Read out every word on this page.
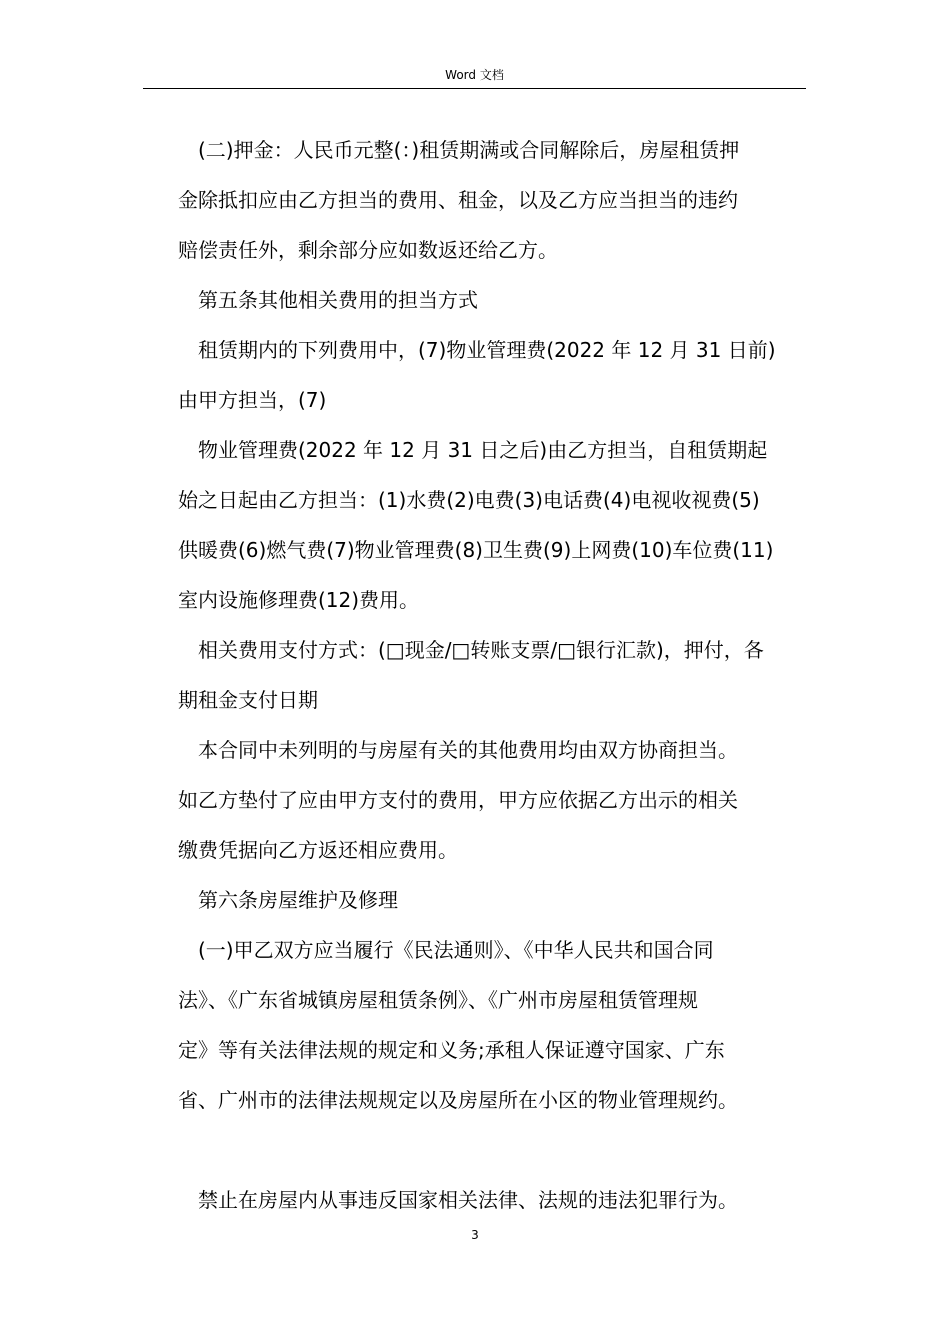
Word 文档
(二)押金：人民币元整(：)租赁期满或合同解除后，房屋租赁押
金除抵扣应由乙方担当的费用、租金，以及乙方应当担当的违约
赔偿责任外，剩余部分应如数返还给乙方。
第五条其他相关费用的担当方式
租赁期内的下列费用中，(7)物业管理费(2022 年 12 月 31 日前)
由甲方担当，(7)
物业管理费(2022 年 12 月 31 日之后)由乙方担当，自租赁期起
始之日起由乙方担当：(1)水费(2)电费(3)电话费(4)电视收视费(5)
供暖费(6)燃气费(7)物业管理费(8)卫生费(9)上网费(10)车位费(11)
室内设施修理费(12)费用。
相关费用支付方式：(□现金/□转账支票/□银行汇款)，押付，各
期租金支付日期
本合同中未列明的与房屋有关的其他费用均由双方协商担当。
如乙方垫付了应由甲方支付的费用，甲方应依据乙方出示的相关
缴费凭据向乙方返还相应费用。
第六条房屋维护及修理
(一)甲乙双方应当履行《民法通则》、《中华人民共和国合同
法》、《广东省城镇房屋租赁条例》、《广州市房屋租赁管理规
定》等有关法律法规的规定和义务;承租人保证遵守国家、广东
省、广州市的法律法规规定以及房屋所在小区的物业管理规约。
禁止在房屋内从事违反国家相关法律、法规的违法犯罪行为。
3
